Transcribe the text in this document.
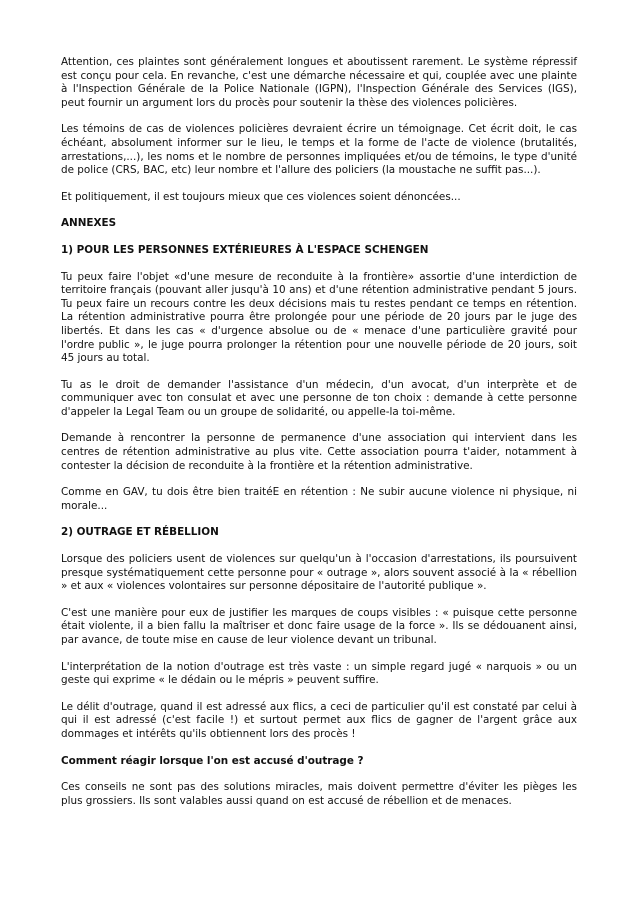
Attention, ces plaintes sont généralement longues et aboutissent rarement. Le système répressif est conçu pour cela. En revanche, c'est une démarche nécessaire et qui, couplée avec une plainte à l'Inspection Générale de la Police Nationale (IGPN), l'Inspection Générale des Services (IGS), peut fournir un argument lors du procès pour soutenir la thèse des violences policières.

Les témoins de cas de violences policières devraient écrire un témoignage. Cet écrit doit, le cas échéant, absolument informer sur le lieu, le temps et la forme de l'acte de violence (brutalités, arrestations,...), les noms et le nombre de personnes impliquées et/ou de témoins, le type d'unité de police (CRS, BAC, etc) leur nombre et l'allure des policiers (la moustache ne suffit pas...).

Et politiquement, il est toujours mieux que ces violences soient dénoncées...

ANNEXES

1) POUR LES PERSONNES EXTÉRIEURES À L'ESPACE SCHENGEN

Tu peux faire l'objet «d'une mesure de reconduite à la frontière» assortie d'une interdiction de territoire français (pouvant aller jusqu'à 10 ans) et d'une rétention administrative pendant 5 jours. Tu peux faire un recours contre les deux décisions mais tu restes pendant ce temps en rétention. La rétention administrative pourra être prolongée pour une période de 20 jours par le juge des libertés. Et dans les cas « d'urgence absolue ou de « menace d'une particulière gravité pour l'ordre public », le juge pourra prolonger la rétention pour une nouvelle période de 20 jours, soit 45 jours au total.

Tu as le droit de demander l'assistance d'un médecin, d'un avocat, d'un interprète et de communiquer avec ton consulat et avec une personne de ton choix : demande à cette personne d'appeler la Legal Team ou un groupe de solidarité, ou appelle-la toi-même.

Demande à rencontrer la personne de permanence d'une association qui intervient dans les centres de rétention administrative au plus vite. Cette association pourra t'aider, notamment à contester la décision de reconduite à la frontière et la rétention administrative.

Comme en GAV, tu dois être bien traitéE en rétention : Ne subir aucune violence ni physique, ni morale...

2) OUTRAGE ET RÉBELLION

Lorsque des policiers usent de violences sur quelqu'un à l'occasion d'arrestations, ils poursuivent presque systématiquement cette personne pour « outrage », alors souvent associé à la « rébellion » et aux « violences volontaires sur personne dépositaire de l'autorité publique ».

C'est une manière pour eux de justifier les marques de coups visibles : « puisque cette personne était violente, il a bien fallu la maîtriser et donc faire usage de la force ». Ils se dédouanent ainsi, par avance, de toute mise en cause de leur violence devant un tribunal.

L'interprétation de la notion d'outrage est très vaste : un simple regard jugé « narquois » ou un geste qui exprime « le dédain ou le mépris » peuvent suffire.

Le délit d'outrage, quand il est adressé aux flics, a ceci de particulier qu'il est constaté par celui à qui il est adressé (c'est facile !) et surtout permet aux flics de gagner de l'argent grâce aux dommages et intérêts qu'ils obtiennent lors des procès !

Comment réagir lorsque l'on est accusé d'outrage ?

Ces conseils ne sont pas des solutions miracles, mais doivent permettre d'éviter les pièges les plus grossiers. Ils sont valables aussi quand on est accusé de rébellion et de menaces.
